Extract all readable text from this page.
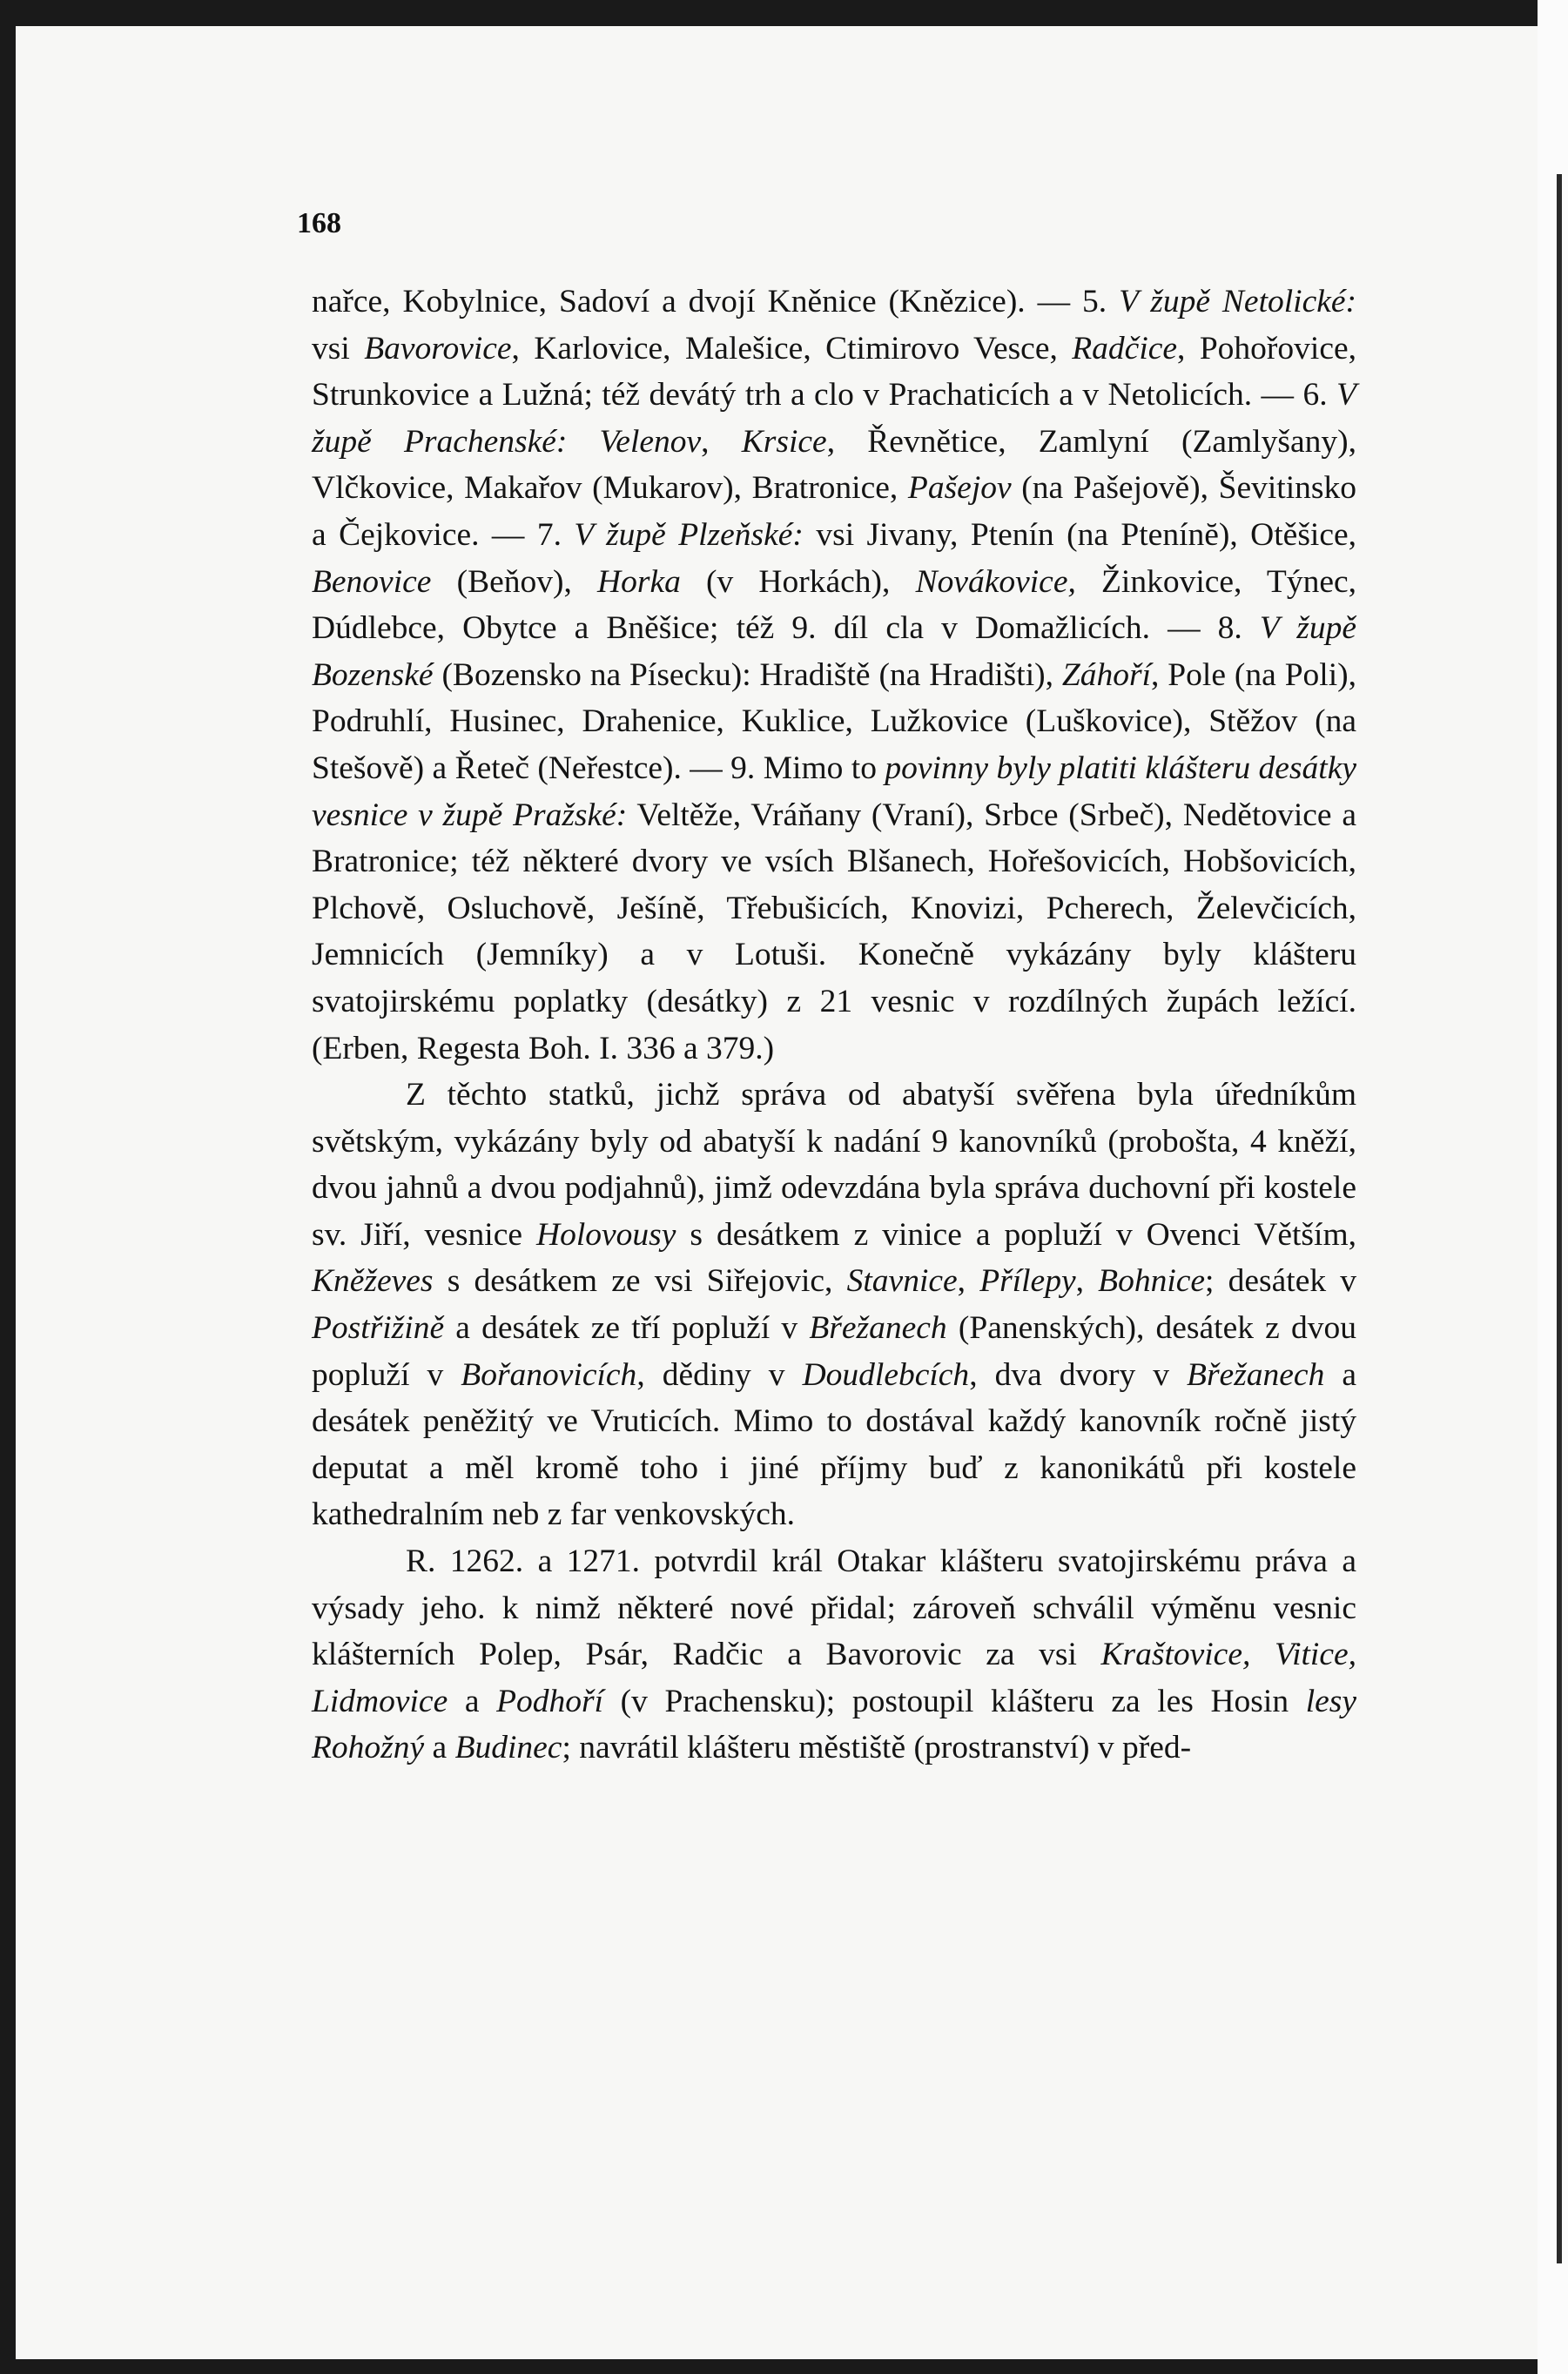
168

nařce, Kobylnice, Sadoví a dvojí Kněnice (Knězice). — 5. V župě Netolické: vsi Bavorovice, Karlovice, Malešice, Ctimirovo Vesce, Radčice, Pohořovice, Strunkovice a Lužná; též devátý trh a clo v Prachaticích a v Netolicích. — 6. V župě Prachenské: Velenov, Krsice, Řevnětice, Zamlyní (Zamlyšany), Vlčkovice, Makařov (Mukarov), Bratronice, Pašejov (na Pašejově), Ševitinsko a Čejkovice. — 7. V župě Plzeňské: vsi Jivany, Ptenín (na Ptenínĕ), Otěšice, Benovice (Beňov), Horka (v Horkách), Novákovice, Žinkovice, Týnec, Dúdlebce, Obytce a Bněšice; též 9. díl cla v Domažlicích. — 8. V župě Bozenské (Bozensko na Písecku): Hradiště (na Hradišti), Záhoří, Pole (na Poli), Podruhlí, Husinec, Drahenice, Kuklice, Lužkovice (Luškovice), Stěžov (na Stešově) a Řeteč (Neřestce). — 9. Mimo to povinny byly platiti klášteru desátky vesnice v župě Pražské: Veltěže, Vráňany (Vraní), Srbce (Srbeč), Nedětovice a Bratronice; též některé dvory ve vsích Blšanech, Hořešovicích, Hobšovicích, Plchově, Osluchově, Ješíně, Třebušicích, Knovizi, Pcherech, Želevčicích, Jemnicích (Jemníky) a v Lotuši. Konečně vykázány byly klášteru svatojirskému poplatky (desátky) z 21 vesnic v rozdílných župách ležící. (Erben, Regesta Boh. I. 336 a 379.)

Z těchto statků, jichž správa od abatyší svěřena byla úředníkům světským, vykázány byly od abatyší k nadání 9 kanovníků (probošta, 4 kněží, dvou jahnů a dvou podjahnů), jimž odevzdána byla správa duchovní při kostele sv. Jiří, vesnice Holovousy s desátkem z vinice a popluží v Ovenci Větším, Kněževes s desátkem ze vsi Siřejovic, Stavnice, Přílepy, Bohnice; desátek v Postřižině a desátek ze tří popluží v Břežanech (Panenských), desátek z dvou popluží v Bořanovicích, dědiny v Doudlebcích, dva dvory v Břežanech a desátek peněžitý ve Vruticích. Mimo to dostával každý kanovník ročně jistý deputat a měl kromě toho i jiné příjmy buď z kanonikátů při kostele kathedralním neb z far venkovských.

R. 1262. a 1271. potvrdil král Otakar klášteru svatojirskému práva a výsady jeho. k nimž některé nové přidal; zároveň schválil výměnu vesnic klášterních Polep, Psár, Radčic a Bavorovic za vsi Kraštovice, Vitice, Lidmovice a Podhoří (v Prachensku); postoupil klášteru za les Hosin lesy Rohožný a Budinec; navrátil klášteru městiště (prostranství) v před-
